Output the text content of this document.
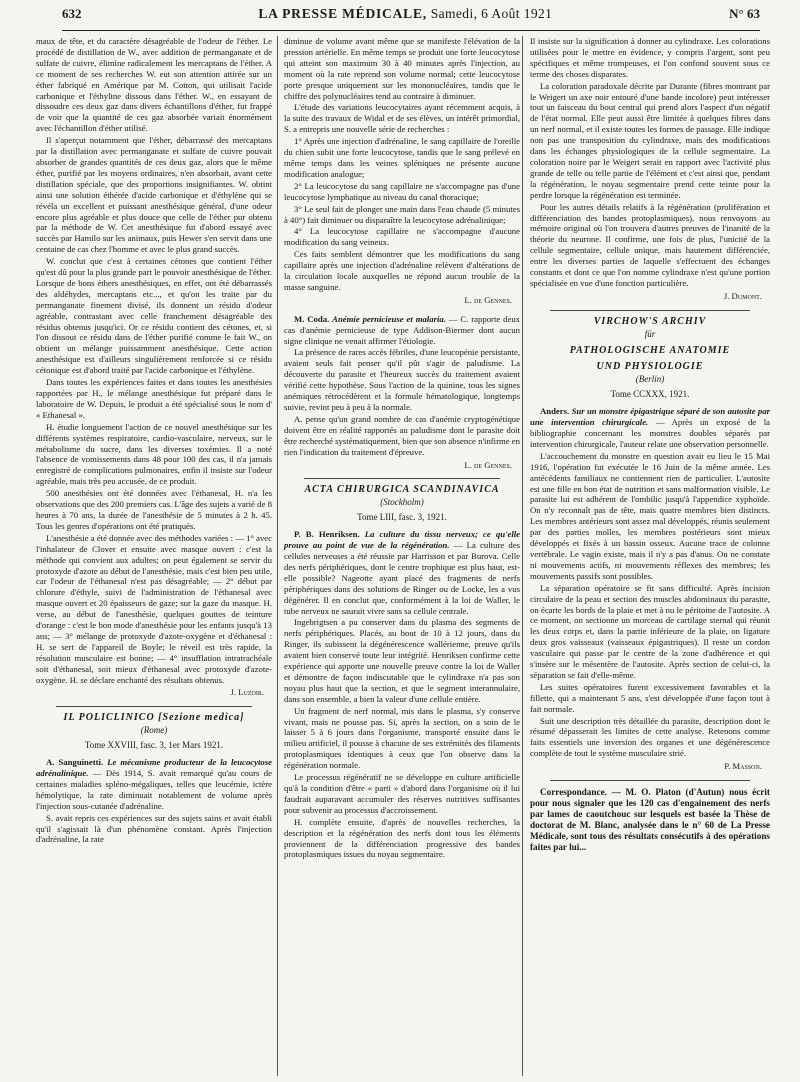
632	LA PRESSE MÉDICALE, Samedi, 6 Août 1921	N° 63

maux de tête, et du caractère désagréable de l'odeur de l'éther. Le procédé de distillation de W., avec addition de permanganate et de sulfate de cuivre, élimine radicalement les mercaptans de l'éther. A ce moment de ses recherches W. eut son attention attirée sur un éther fabriqué en Amérique par M. Cotton, qui utilisait l'acide carbonique et l'éthyline dissous dans l'éther. W., en essayant de dissoudre ces deux gaz dans divers échantillons d'éther, fut frappé de voir que la quantité de ces gaz absorbée variait énormément avec l'échantillon d'éther utilisé.

Il s'aperçut notamment que l'éther, débarrassé des mercaptans par la distillation avec permanganate et sulfate de cuivre pouvait absorber de grandes quantités de ces deux gaz, alors que le même éther, purifié par les moyens ordinaires, n'en absorbait, avant cette distillation spéciale, que des proportions insignifiantes. W. obtint ainsi une solution éthérée d'acide carbonique et d'éthylène qui se révéla un excellent et puissant anesthésique général, d'une odeur encore plus agréable et plus douce que celle de l'éther pur obtenu par la méthode de W. Cet anesthésique fut d'abord essayé avec succès par Hamilo sur les animaux, puis Hewer s'en servit dans une centaine de cas chez l'homme et avec le plus grand succès.

W. conclut que c'est à certaines cétones que contient l'éther qu'est dû pour la plus grande part le pouvoir anesthésique de l'éther. Lorsque de bons éthers anesthésiques, en effet, ont été débarrassés des aldéhydes, mercaptans etc..., et qu'on les traite par du permanganate finement divisé, ils donnent un résidu d'odeur agréable, contrastant avec celle franchement désagréable des résidus obtenus jusqu'ici. Or ce résidu contient des cétones, et, si l'on dissout ce résidu dans de l'éther purifié comme le fait W., on obtient un mélange puissamment anesthésique. Cette action anesthésique est d'ailleurs singulièrement renforcée si ce résidu cétonique est d'abord traité par l'acide carbonique et l'éthylène.

Dans toutes les expériences faites et dans toutes les anesthésies rapportées par H., le mélange anesthésique fut préparé dans le laboratoire de W. Depuis, le produit a été spécialisé sous le nom d' « Ethanesal ».

H. étudie longuement l'action de ce nouvel anesthésique sur les différents systèmes respiratoire, cardio-vasculaire, nerveux, sur le métabolisme du sucre, dans les diverses toxémies. Il a noté l'absence de vomissements dans 48 pour 100 des cas, il n'a jamais enregistré de complications pulmonaires, enfin il insiste sur l'odeur agréable, mais très peu accusée, de ce produit.

500 anesthésies ont été données avec l'éthanesal, H. n'a les observations que des 200 premiers cas. L'âge des sujets a varié de 8 heures à 70 ans, la durée de l'anesthésie de 5 minutes à 2 h. 45. Tous les genres d'opérations ont été pratiqués.

L'anesthésie a été donnée avec des méthodes variées : — 1° avec l'inhalateur de Clover et ensuite avec masque ouvert : c'est la méthode qui convient aux adultes; on peut également se servir du protoxyde d'azote au début de l'anesthésie, mais c'est bien peu utile, car l'odeur de l'éthanesal n'est pas désagréable; — 2° début par chlorure d'éthyle, suivi de l'administration de l'éthanesal avec masque ouvert et 20 épaisseurs de gaze; sur la gaze du masque. H. verse, au début de l'anesthésie, quelques gouttes de teinture d'orange : c'est le bon mode d'anesthésie pour les enfants jusqu'à 13 ans; — 3° mélange de protoxyde d'azote-oxygène et d'éthanesal : H. se sert de l'appareil de Boyle; le réveil est très rapide, la résolution musculaire est bonne; — 4° insufflation intratrachéale soit d'éthanesal, soit mieux d'éthanesal avec protoxyde d'azote-oxygène. H. se déclare enchanté des résultats obtenus.

J. Luzoir.

IL POLICLINICO [Sezione medica]

(Rome)

Tome XXVIII, fasc. 3, 1er Mars 1921.

A. Sanguinetti. Le mécanisme producteur de la leucocytose adrénalinique. — Dès 1914, S. avait remarqué qu'au cours de certaines maladies spléno-mégaliques, telles que leucémie, ictère hémolytique, la rate diminuait notablement de volume après l'injection sous-cutanée d'adrénaline.

S. avait repris ces expériences sur des sujets sains et avait établi qu'il s'agissait là d'un phénomène constant. Après l'injection d'adrénaline, la rate

diminue de volume avant même que se manifeste l'élévation de la pression artérielle. En même temps se produit une forte leucocytose qui atteint son maximum 30 à 40 minutes après l'injection, au moment où la rate reprend son volume normal; cette leucocytose porte presque uniquement sur les mononucléaires, tandis que le chiffre des polynucléaires tend au contraire à diminuer.

L'étude des variations leucocytaires ayant récemment acquis, à la suite des travaux de Widal et de ses élèves, un intérêt primordial, S. a entrepris une nouvelle série de recherches :

1° Après une injection d'adrénaline, le sang capillaire de l'oreille du chien subit une forte leucocytose, tandis que le sang prélevé en même temps dans les veines spléniques ne présente aucune modification analogue;

2° La leucocytose du sang capillaire ne s'accompagne pas d'une leucocytose lymphatique au niveau du canal thoracique;

3° Le seul fait de plonger une main dans l'eau chaude (5 minutes à 40°) fait diminuer ou disparaître la leucocytose adrénalinique;

4° La leucocytose capillaire ne s'accompagne d'aucune modification du sang veineux.

Ces faits semblent démontrer que les modifications du sang capillaire après une injection d'adrénaline relèvent d'altérations de la circulation locale auxquelles ne répond aucun trouble de la masse sanguine.

L. de Gennes.

M. Coda. Anémie pernicieuse et malaria. — C. rapporte deux cas d'anémie pernicieuse de type Addison-Biermer dont aucun signe clinique ne venait affirmer l'étiologie.

La présence de rares accès fébriles, d'une leucopénie persistante, avaient seuls fait penser qu'il pût s'agir de paludisme. La découverte du parasite et l'heureux succès du traitement avaient vérifié cette hypothèse. Sous l'action de la quinine, tous les signes anémiques rétrocédèrent et la formule hématologique, longtemps suivie, revint peu à peu à la normale.

A. pense qu'un grand nombre de cas d'anémie cryptogénétique doivent être en réalité rapportés au paludisme dont le parasite doit être recherché systématiquement, bien que son absence n'infirme en rien l'indication du traitement d'épreuve.

L. de Gennes.

ACTA CHIRURGICA SCANDINAVICA

(Stockholm)

Tome LIII, fasc. 3, 1921.

P. B. Henriksen. La culture du tissu nerveux; ce qu'elle prouve au point de vue de la régénération. — La culture des cellules nerveuses a été réussie par Harrisson et par Burova. Celle des nerfs périphériques, dont le centre trophique est plus haut, est-elle possible? Nageotte ayant placé des fragments de nerfs périphériques dans des solutions de Ringer ou de Locke, les a vus dégénérer. Il en conclut que, conformément à la loi de Waller, le tube nerveux ne saurait vivre sans sa cellule centrale.

Ingebrigtsen a pu conserver dans du plasma des segments de nerfs périphériques. Placés, au bout de 10 à 12 jours, dans du Ringer, ils subissent la dégénérescence wallérienne, preuve qu'ils avaient bien conservé toute leur intégrité. Henriksen confirme cette expérience qui apporte une nouvelle preuve contre la loi de Waller et démontre de façon indiscutable que le cylindraxe n'a pas son noyau plus haut que la section, et que le segment interannulaire, dans son ensemble, a bien la valeur d'une cellule entière.

Un fragment de nerf normal, mis dans le plasma, s'y conserve vivant, mais ne pousse pas. Si, après la section, on a soin de le laisser 5 à 6 jours dans l'organisme, transporté ensuite dans le milieu artificiel, il pousse à chacune de ses extrémités des filaments protoplasmiques identiques à ceux que l'on observe dans la régénération normale.

Le processus régénératif ne se développe en culture artificielle qu'à la condition d'être « parti » d'abord dans l'organisme où il lui faudrait auparavant accumuler des réserves nutritives suffisantes pour subvenir au processus d'accroissement.

H. complète ensuite, d'après de nouvelles recherches, la description et la régénération des nerfs dont tous les éléments proviennent de la différenciation progressive des bandes protoplasmiques issues du noyau segmentaire.

Il insiste sur la signification à donner au cylindraxe. Les colorations utilisées pour le mettre en évidence, y compris l'argent, sont peu spécifiques et même trompeuses, et l'on confond souvent sous ce terme des choses disparates.

La coloration paradoxale décrite par Durante (fibres montrant par le Weigert un axe noir entouré d'une bande incolore) peut intéresser tout un faisceau du bout central qui prend alors l'aspect d'un négatif de l'état normal. Elle peut aussi être limitée à quelques fibres dans un nerf normal, et il existe toutes les formes de passage. Elle indique non pas une transposition du cylindraxe, mais des modifications dans les échanges physiologiques de la cellule segmentaire. La coloration noire par le Weigert serait en rapport avec l'activité plus grande de telle ou telle partie de l'élément et c'est ainsi que, pendant la régénération, le noyau segmentaire prend cette teinte pour la perdre lorsque la régénération est terminée.

Pour les autres détails relatifs à la régénération (prolifération et différenciation des bandes protoplasmiques), nous renvoyons au mémoire original où l'on trouvera d'autres preuves de l'inanité de la théorie du neurone. Il confirme, une fois de plus, l'unicité de la cellule segmentaire, cellule unique, mais hautement différenciée, entre les diverses parties de laquelle s'effectuent des échanges constants et dont ce que l'on nomme cylindraxe n'est qu'une portion spécialisée en vue d'une fonction particulière.

J. Dumont.

VIRCHOW'S ARCHIV

für

PATHOLOGISCHE ANATOMIE

UND PHYSIOLOGIE

(Berlin)

Tome CCXXX, 1921.

Anders. Sur un monstre épigastrique séparé de son autosite par une intervention chirurgicale. — Après un exposé de la bibliographie concernant les monstres doubles séparés par intervention chirurgicale, l'auteur relate une observation personnelle.

L'accouchement du monstre en question avait eu lieu le 15 Mai 1916, l'opération fut exécutée le 16 Juin de la même année. Les antécédents familiaux ne contiennent rien de particulier. L'autosite est une fille en bon état de nutrition et sans malformation visible. Le parasite lui est adhérent de l'ombilic jusqu'à l'appendice xyphoïde. On n'y reconnaît pas de tête, mais quatre membres bien distincts. Les membres antérieurs sont assez mal développés, réunis seulement par des parties molles, les membres postérieurs sont mieux développés et fixés à un bassin osseux. Aucune trace de colonne vertébrale. Le vagin existe, mais il n'y a pas d'anus. On ne constate ni mouvements actifs, ni mouvements réflexes des membres; les mouvements passifs sont possibles.

La séparation opératoire se fit sans difficulté. Après incision circulaire de la peau et section des muscles abdominaux du parasite, on écarte les bords de la plaie et met à nu le péritoine de l'autosite. A ce moment, on sectionne un morceau de cartilage sternal qui réunit les deux corps et, dans la partie inférieure de la plaie, on ligature deux gros vaisseaux (vaisseaux épigastriques). Il reste un cordon vasculaire qui passe par le centre de la zone d'adhérence et qui s'insère sur le mésentère de l'autosite. Après section de celui-ci, la séparation se fait d'elle-même.

Les suites opératoires furent excessivement favorables et la fillette, qui a maintenant 5 ans, s'est développée d'une façon tout à fait normale.

Suit une description très détaillée du parasite, description dont le résumé dépasserait les limites de cette analyse. Retenons comme faits essentiels une inversion des organes et une dégénérescence complète de tout le système musculaire strié.

P. Masson.

Correspondance. — M. O. Platon (d'Autun) nous écrit pour nous signaler que les 120 cas d'engainement des nerfs par lames de caoutchouc sur lesquels est basée la Thèse de doctorat de M. Blanc, analysée dans le n° 60 de La Presse Médicale, sont tous des résultats consécutifs à des opérations faites par lui...
